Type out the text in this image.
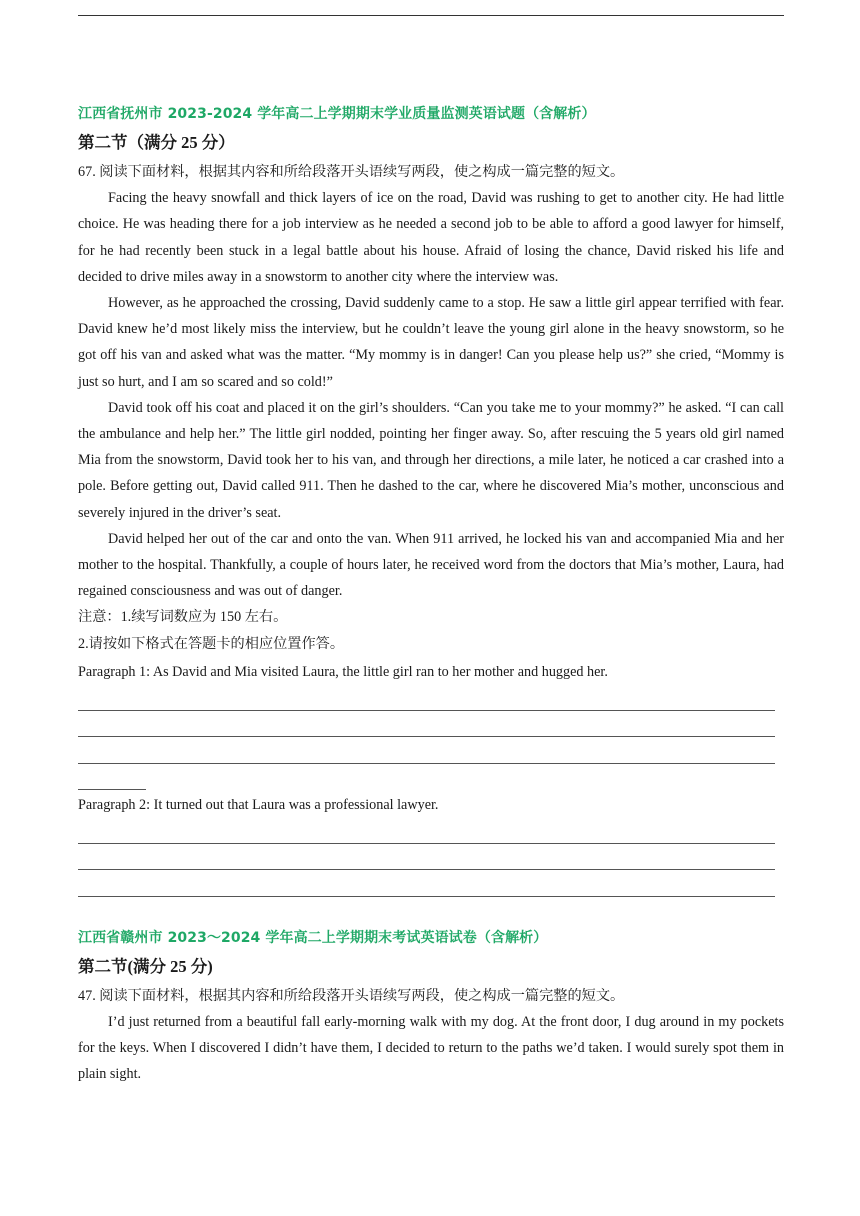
江西省抚州市 2023-2024 学年高二上学期期末学业质量监测英语试题（含解析）

第二节（满分 25 分）

67. 阅读下面材料，根据其内容和所给段落开头语续写两段，使之构成一篇完整的短文。

Facing the heavy snowfall and thick layers of ice on the road, David was rushing to get to another city. He had little choice. He was heading there for a job interview as he needed a second job to be able to afford a good lawyer for himself, for he had recently been stuck in a legal battle about his house. Afraid of losing the chance, David risked his life and decided to drive miles away in a snowstorm to another city where the interview was.

However, as he approached the crossing, David suddenly came to a stop. He saw a little girl appear terrified with fear. David knew he’d most likely miss the interview, but he couldn’t leave the young girl alone in the heavy snowstorm, so he got off his van and asked what was the matter. “My mommy is in danger! Can you please help us?” she cried, “Mommy is just so hurt, and I am so scared and so cold!”

David took off his coat and placed it on the girl’s shoulders. “Can you take me to your mommy?” he asked. “I can call the ambulance and help her.” The little girl nodded, pointing her finger away. So, after rescuing the 5 years old girl named Mia from the snowstorm, David took her to his van, and through her directions, a mile later, he noticed a car crashed into a pole. Before getting out, David called 911. Then he dashed to the car, where he discovered Mia’s mother, unconscious and severely injured in the driver’s seat.

David helped her out of the car and onto the van. When 911 arrived, he locked his van and accompanied Mia and her mother to the hospital. Thankfully, a couple of hours later, he received word from the doctors that Mia’s mother, Laura, had regained consciousness and was out of danger.

注意：1.续写词数应为 150 左右。

2.请按如下格式在答题卡的相应位置作答。

Paragraph 1: As David and Mia visited Laura, the little girl ran to her mother and hugged her.

Paragraph 2: It turned out that Laura was a professional lawyer.

江西省赣州市 2023～2024 学年高二上学期期末考试英语试卷（含解析）

第二节(满分 25 分)

47. 阅读下面材料，根据其内容和所给段落开头语续写两段，使之构成一篇完整的短文。

I’d just returned from a beautiful fall early-morning walk with my dog. At the front door, I dug around in my pockets for the keys. When I discovered I didn’t have them, I decided to return to the paths we’d taken. I would surely spot them in plain sight.
